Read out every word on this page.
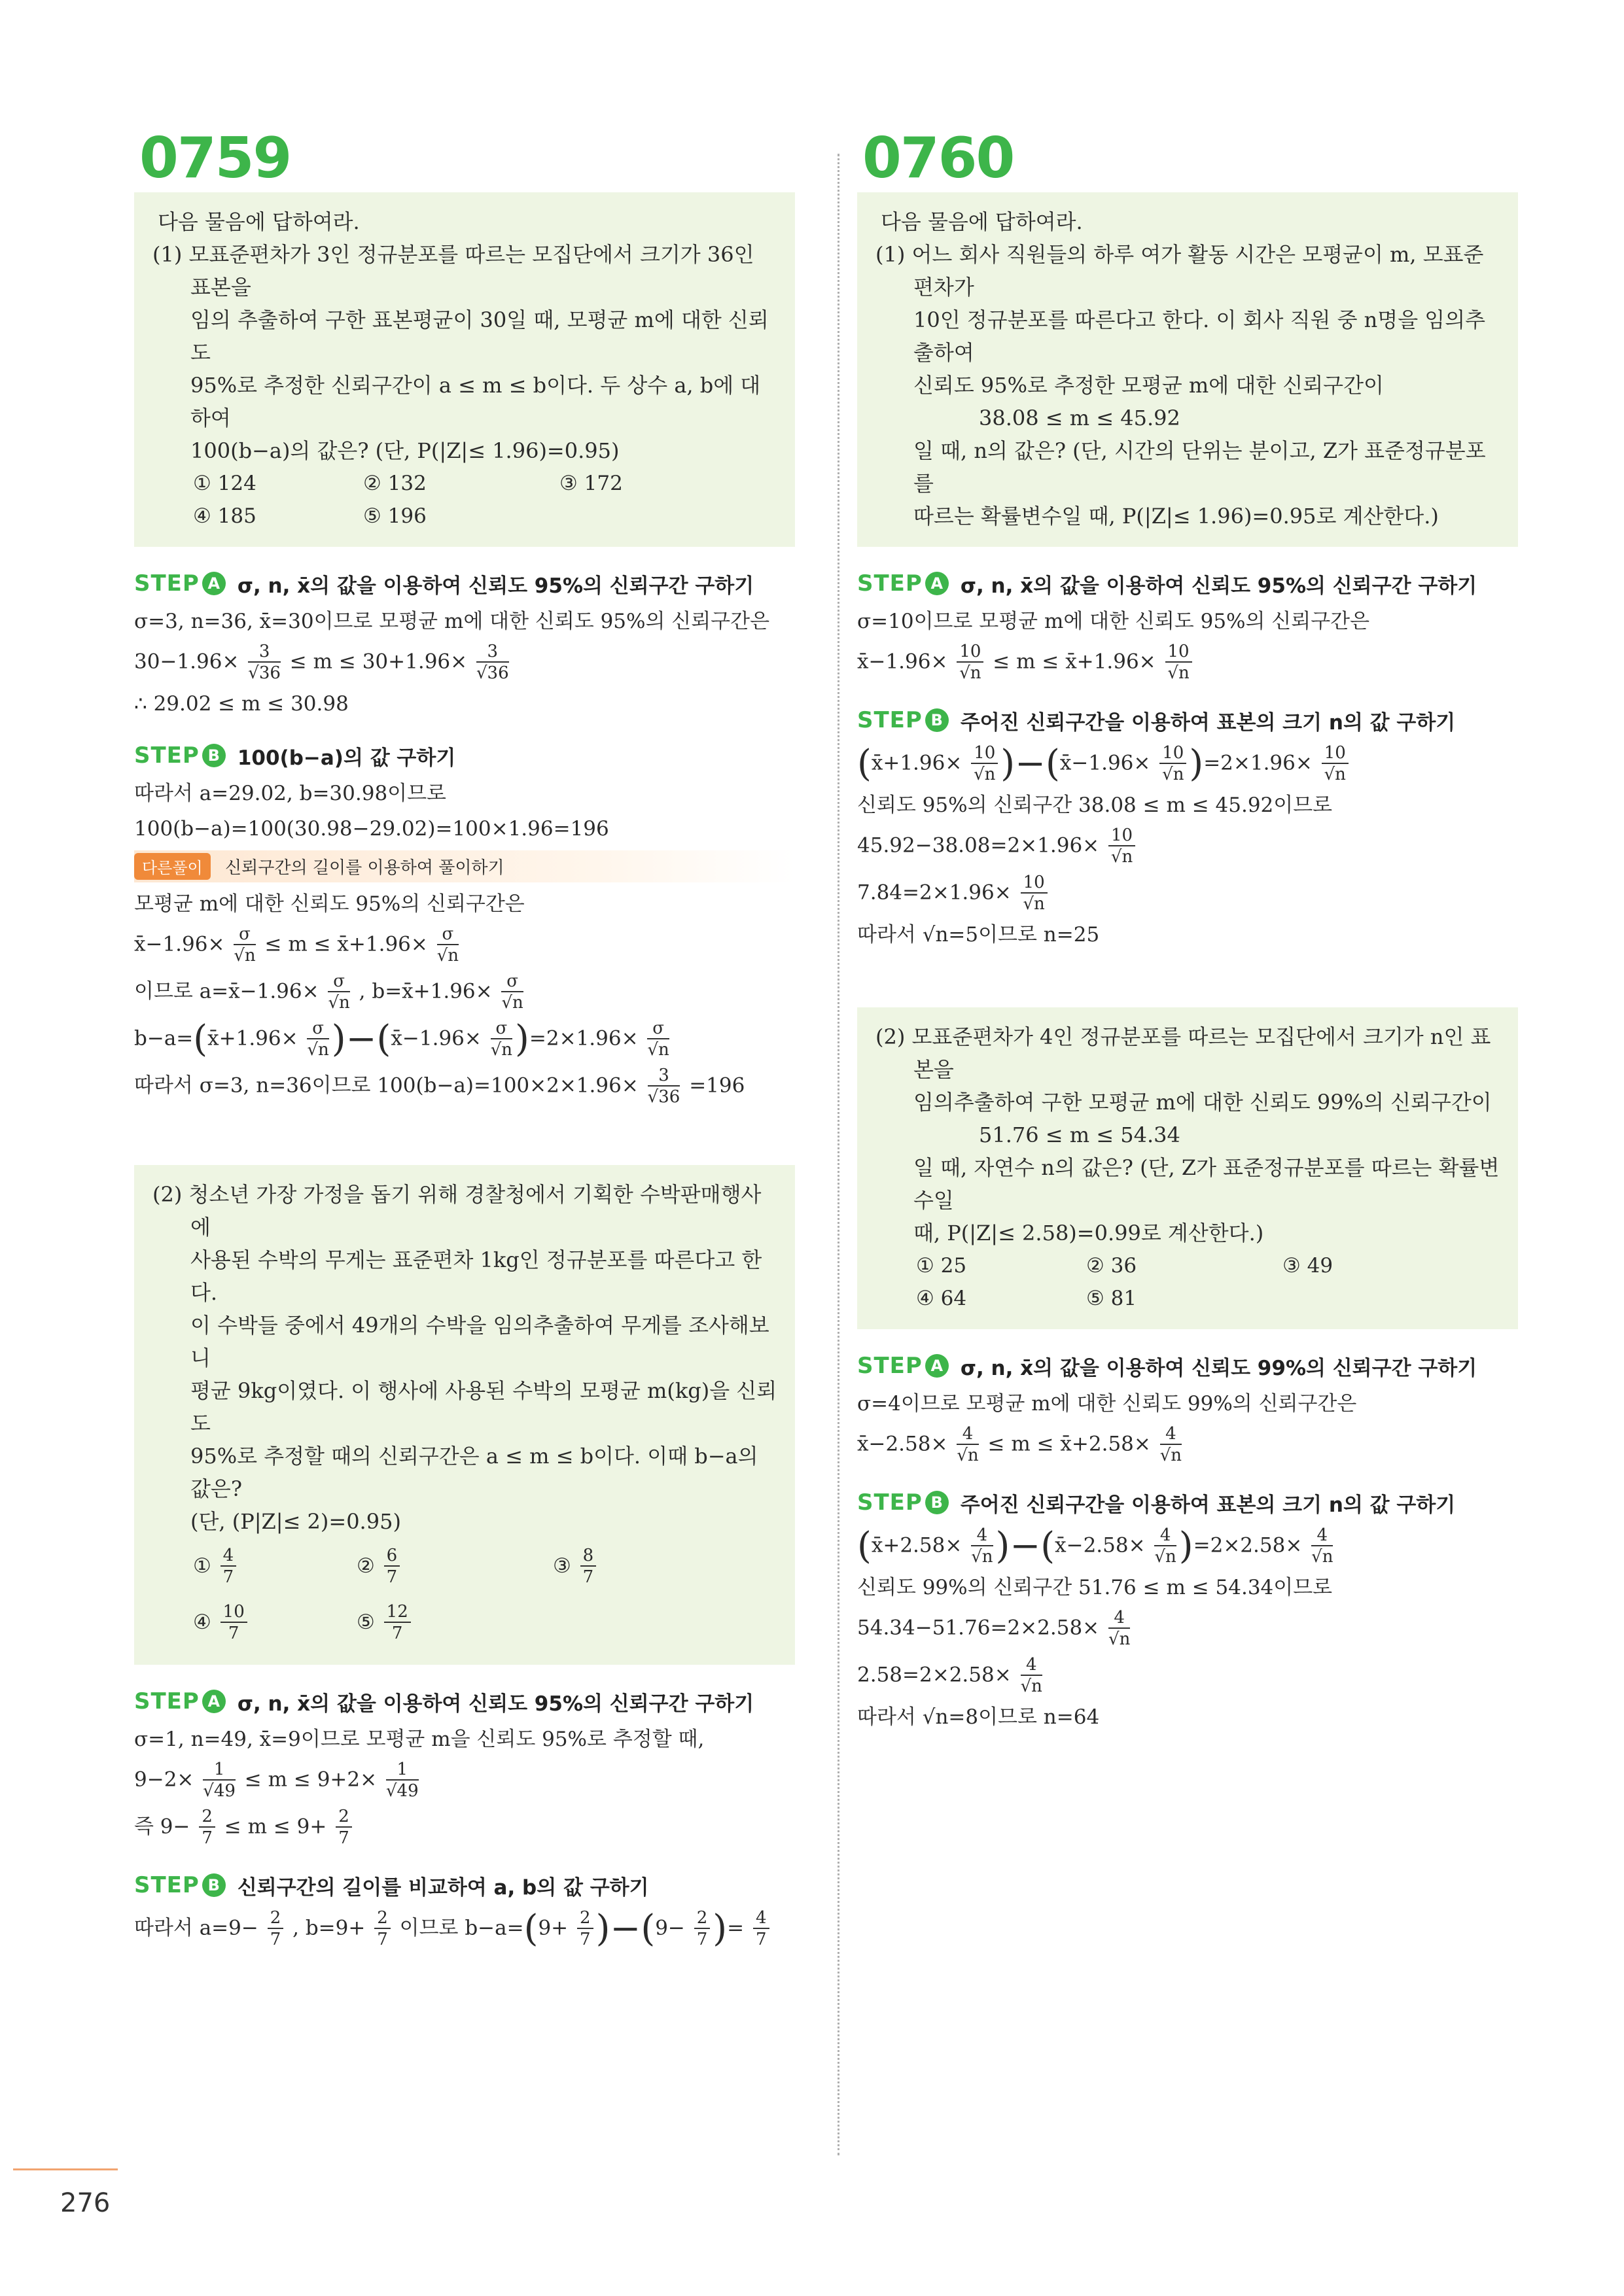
0759
다음 물음에 답하여라.
(1) 모표준편차가 3인 정규분포를 따르는 모집단에서 크기가 36인 표본을
임의 추출하여 구한 표본평균이 30일 때, 모평균 m에 대한 신뢰도
95%로 추정한 신뢰구간이 a ≤ m ≤ b이다. 두 상수 a, b에 대하여
100(b−a)의 값은? (단, P(|Z|≤ 1.96)=0.95)
① 124	② 132	③ 172
④ 185	⑤ 196
STEP A σ, n, x̄의 값을 이용하여 신뢰도 95%의 신뢰구간 구하기
σ=3, n=36, x̄=30이므로 모평균 m에 대한 신뢰도 95%의 신뢰구간은
$30-1.96\times \frac{3}{√36} \le m \le 30+1.96\times \frac{3}{√36}$
∴ 29.02 ≤ m ≤ 30.98
STEP B 100(b−a)의 값 구하기
따라서 a=29.02, b=30.98이므로
100(b−a)=100(30.98−29.02)=100×1.96=196
다른풀이 신뢰구간의 길이를 이용하여 풀이하기
모평균 m에 대한 신뢰도 95%의 신뢰구간은
x̄−1.96× $\frac{\sigma}{√n} \le m$ ≤ x̄+1.96× $\frac{\sigma}{√n}$
이므로 a=x̄−1.96× $\frac{\sigma}{√n}$ , b=x̄+1.96× $\frac{\sigma}{√n}$
b−a=(x̄+1.96× $\frac{\sigma}{√n}$ )−(x̄−1.96× $\frac{\sigma}{√n} )=2\times 1.96\times \frac{\sigma}{√n}$
따라서 σ=3, n=36이므로 $100(b-a)=100\times 2\times 1.96\times \frac{3}{√36} =196$
(2) 청소년 가장 가정을 돕기 위해 경찰청에서 기획한 수박판매행사에
사용된 수박의 무게는 표준편차 1kg인 정규분포를 따른다고 한다.
이 수박들 중에서 49개의 수박을 임의추출하여 무게를 조사해보니
평균 9kg이였다. 이 행사에 사용된 수박의 모평균 m(kg)을 신뢰도
95%로 추정할 때의 신뢰구간은 a ≤ m ≤ b이다. 이때 b−a의 값은?
(단, (P|Z|≤ 2)=0.95)
① $\frac{4}{7}$	② $\frac{6}{7}$	③ $\frac{8}{7}$
④ $\frac{10}{7}$	⑤ $\frac{12}{7}$
STEP A σ, n, x̄의 값을 이용하여 신뢰도 95%의 신뢰구간 구하기
σ=1, n=49, x̄=9이므로 모평균 m을 신뢰도 95%로 추정할 때,
$9-2\times \frac{1}{√49} \le m \le 9+2\times \frac{1}{√49}$
즉 $9- \frac{2}{7} \le m \le 9+ \frac{2}{7}$
STEP B 신뢰구간의 길이를 비교하여 a, b의 값 구하기
따라서 $a=9- \frac{2}{7}$ , $b=9+ \frac{2}{7}$ 이므로 $b-a=(9+ \frac{2}{7} )-(9- \frac{2}{7}$ )= $\frac{4}{7}$
0760
다음 물음에 답하여라.
(1) 어느 회사 직원들의 하루 여가 활동 시간은 모평균이 m, 모표준편차가
10인 정규분포를 따른다고 한다. 이 회사 직원 중 n명을 임의추출하여
신뢰도 95%로 추정한 모평균 m에 대한 신뢰구간이
38.08 ≤ m ≤ 45.92
일 때, n의 값은? (단, 시간의 단위는 분이고, Z가 표준정규분포를
따르는 확률변수일 때, P(|Z|≤ 1.96)=0.95로 계산한다.)
STEP A σ, n, x̄의 값을 이용하여 신뢰도 95%의 신뢰구간 구하기
σ=10이므로 모평균 m에 대한 신뢰도 95%의 신뢰구간은
x̄−1.96× $\frac{10}{√n} \le m$ ≤ x̄+1.96× $\frac{10}{√n}$
STEP B 주어진 신뢰구간을 이용하여 표본의 크기 n의 값 구하기
(x̄+1.96× $\frac{10}{√n}$ )−(x̄−1.96× $\frac{10}{√n} )=2\times 1.96\times \frac{10}{√n}$
신뢰도 95%의 신뢰구간 38.08 ≤ m ≤ 45.92이므로
$45.92-38.08=2\times 1.96\times \frac{10}{√n}$
$7.84=2\times 1.96\times \frac{10}{√n}$
따라서 √n=5이므로 n=25
(2) 모표준편차가 4인 정규분포를 따르는 모집단에서 크기가 n인 표본을
임의추출하여 구한 모평균 m에 대한 신뢰도 99%의 신뢰구간이
51.76 ≤ m ≤ 54.34
일 때, 자연수 n의 값은? (단, Z가 표준정규분포를 따르는 확률변수일
때, P(|Z|≤ 2.58)=0.99로 계산한다.)
① 25	② 36	③ 49
④ 64	⑤ 81
STEP A σ, n, x̄의 값을 이용하여 신뢰도 99%의 신뢰구간 구하기
σ=4이므로 모평균 m에 대한 신뢰도 99%의 신뢰구간은
x̄−2.58× $\frac{4}{√n} \le m$ ≤ x̄+2.58× $\frac{4}{√n}$
STEP B 주어진 신뢰구간을 이용하여 표본의 크기 n의 값 구하기
(x̄+2.58× $\frac{4}{√n}$ )−(x̄−2.58× $\frac{4}{√n} )=2\times 2.58\times \frac{4}{√n}$
신뢰도 99%의 신뢰구간 51.76 ≤ m ≤ 54.34이므로
$54.34-51.76=2\times 2.58\times \frac{4}{√n}$
$2.58=2\times 2.58\times \frac{4}{√n}$
따라서 √n=8이므로 n=64
276
